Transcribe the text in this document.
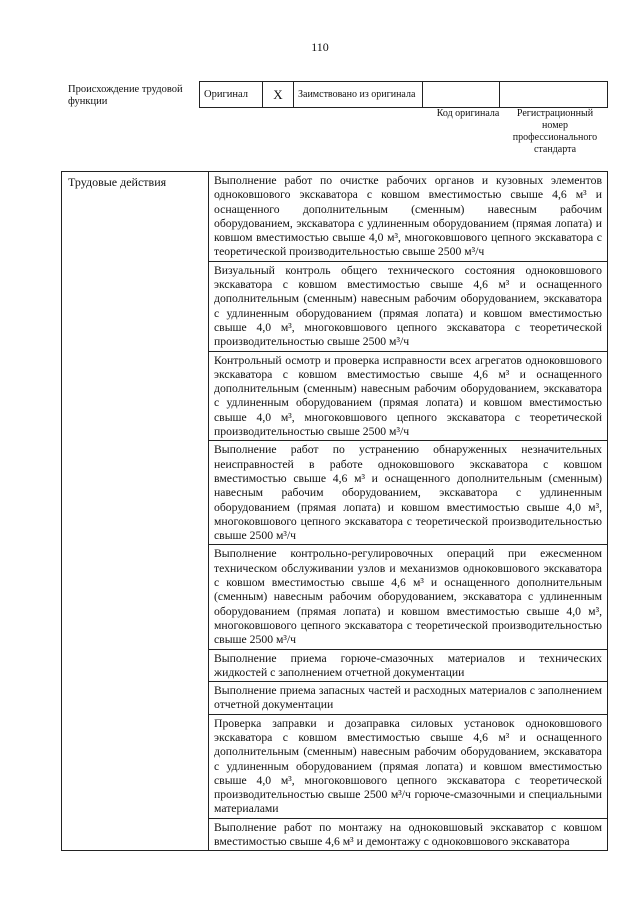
110
Происхождение трудовой функции
Оригинал	X	Заимствовано из оригинала		
Код оригинала	Регистрационный номер профессионального стандарта
Трудовые действия	Выполнение работ по очистке рабочих органов и кузовных элементов одноковшового экскаватора с ковшом вместимостью свыше 4,6 м³ и оснащенного дополнительным (сменным) навесным рабочим оборудованием, экскаватора с удлиненным оборудованием (прямая лопата) и ковшом вместимостью свыше 4,0 м³, многоковшового цепного экскаватора с теоретической производительностью свыше 2500 м³/ч
Визуальный контроль общего технического состояния одноковшового экскаватора с ковшом вместимостью свыше 4,6 м³ и оснащенного дополнительным (сменным) навесным рабочим оборудованием, экскаватора с удлиненным оборудованием (прямая лопата) и ковшом вместимостью свыше 4,0 м³, многоковшового цепного экскаватора с теоретической производительностью свыше 2500 м³/ч
Контрольный осмотр и проверка исправности всех агрегатов одноковшового экскаватора с ковшом вместимостью свыше 4,6 м³ и оснащенного дополнительным (сменным) навесным рабочим оборудованием, экскаватора с удлиненным оборудованием (прямая лопата) и ковшом вместимостью свыше 4,0 м³, многоковшового цепного экскаватора с теоретической производительностью свыше 2500 м³/ч
Выполнение работ по устранению обнаруженных незначительных неисправностей в работе одноковшового экскаватора с ковшом вместимостью свыше 4,6 м³ и оснащенного дополнительным (сменным) навесным рабочим оборудованием, экскаватора с удлиненным оборудованием (прямая лопата) и ковшом вместимостью свыше 4,0 м³, многоковшового цепного экскаватора с теоретической производительностью свыше 2500 м³/ч
Выполнение контрольно-регулировочных операций при ежесменном техническом обслуживании узлов и механизмов одноковшового экскаватора с ковшом вместимостью свыше 4,6 м³ и оснащенного дополнительным (сменным) навесным рабочим оборудованием, экскаватора с удлиненным оборудованием (прямая лопата) и ковшом вместимостью свыше 4,0 м³, многоковшового цепного экскаватора с теоретической производительностью свыше 2500 м³/ч
Выполнение приема горюче-смазочных материалов и технических жидкостей с заполнением отчетной документации
Выполнение приема запасных частей и расходных материалов с заполнением отчетной документации
Проверка заправки и дозаправка силовых установок одноковшового экскаватора с ковшом вместимостью свыше 4,6 м³ и оснащенного дополнительным (сменным) навесным рабочим оборудованием, экскаватора с удлиненным оборудованием (прямая лопата) и ковшом вместимостью свыше 4,0 м³, многоковшового цепного экскаватора с теоретической производительностью свыше 2500 м³/ч горюче-смазочными и специальными материалами
Выполнение работ по монтажу на одноковшовый экскаватор с ковшом вместимостью свыше 4,6 м³ и демонтажу с одноковшового экскаватора
